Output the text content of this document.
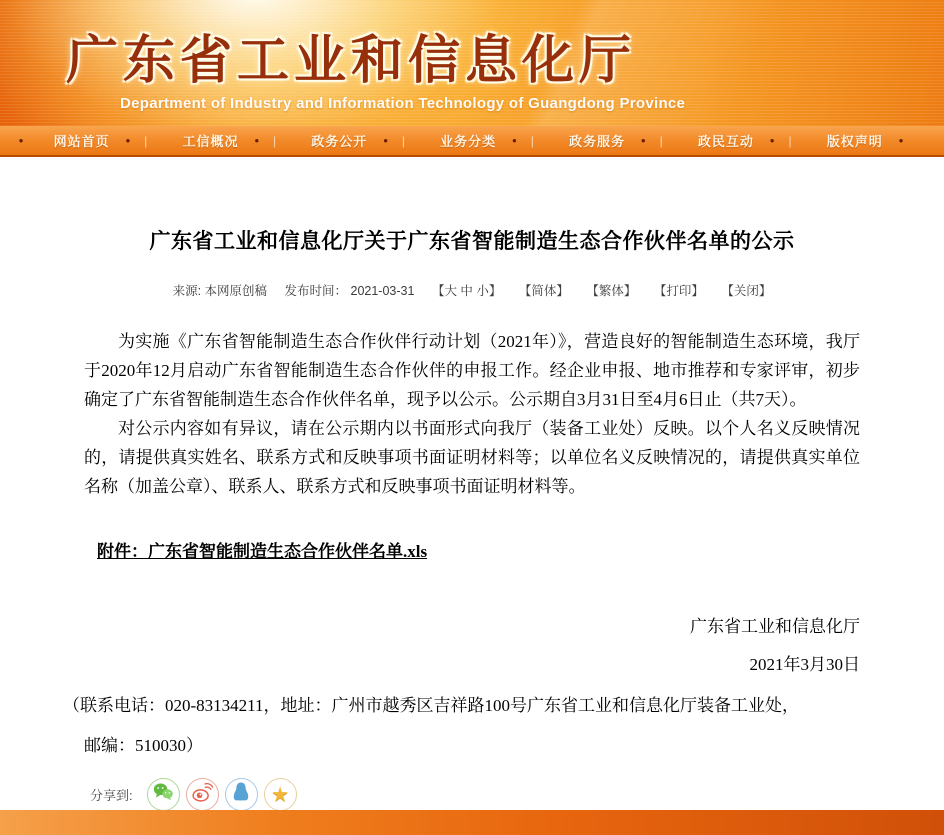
广东省工业和信息化厅
Department of Industry and Information Technology of Guangdong Province
•	网站首页 • |	工信概况 • |	政务公开 • |	业务分类 • |	政务服务 • |	政民互动 • |	版权声明 •
广东省工业和信息化厅关于广东省智能制造生态合作伙伴名单的公示
来源: 本网原创稿 发布时间： 2021-03-31 【大 中 小】 【简体】 【繁体】 【打印】 【关闭】

为实施《广东省智能制造生态合作伙伴行动计划（2021年）》，营造良好的智能制造生态环境，我厅于2020年12月启动广东省智能制造生态合作伙伴的申报工作。经企业申报、地市推荐和专家评审，初步确定了广东省智能制造生态合作伙伴名单，现予以公示。公示期自3月31日至4月6日止（共7天）。

对公示内容如有异议，请在公示期内以书面形式向我厅（装备工业处）反映。以个人名义反映情况的，请提供真实姓名、联系方式和反映事项书面证明材料等；以单位名义反映情况的，请提供真实单位名称（加盖公章）、联系人、联系方式和反映事项书面证明材料等。

附件：广东省智能制造生态合作伙伴名单.xls
广东省工业和信息化厅
2021年3月30日

（联系电话：020-83134211，地址：广州市越秀区吉祥路100号广东省工业和信息化厅装备工业处，

邮编：510030）

分享到:	★
